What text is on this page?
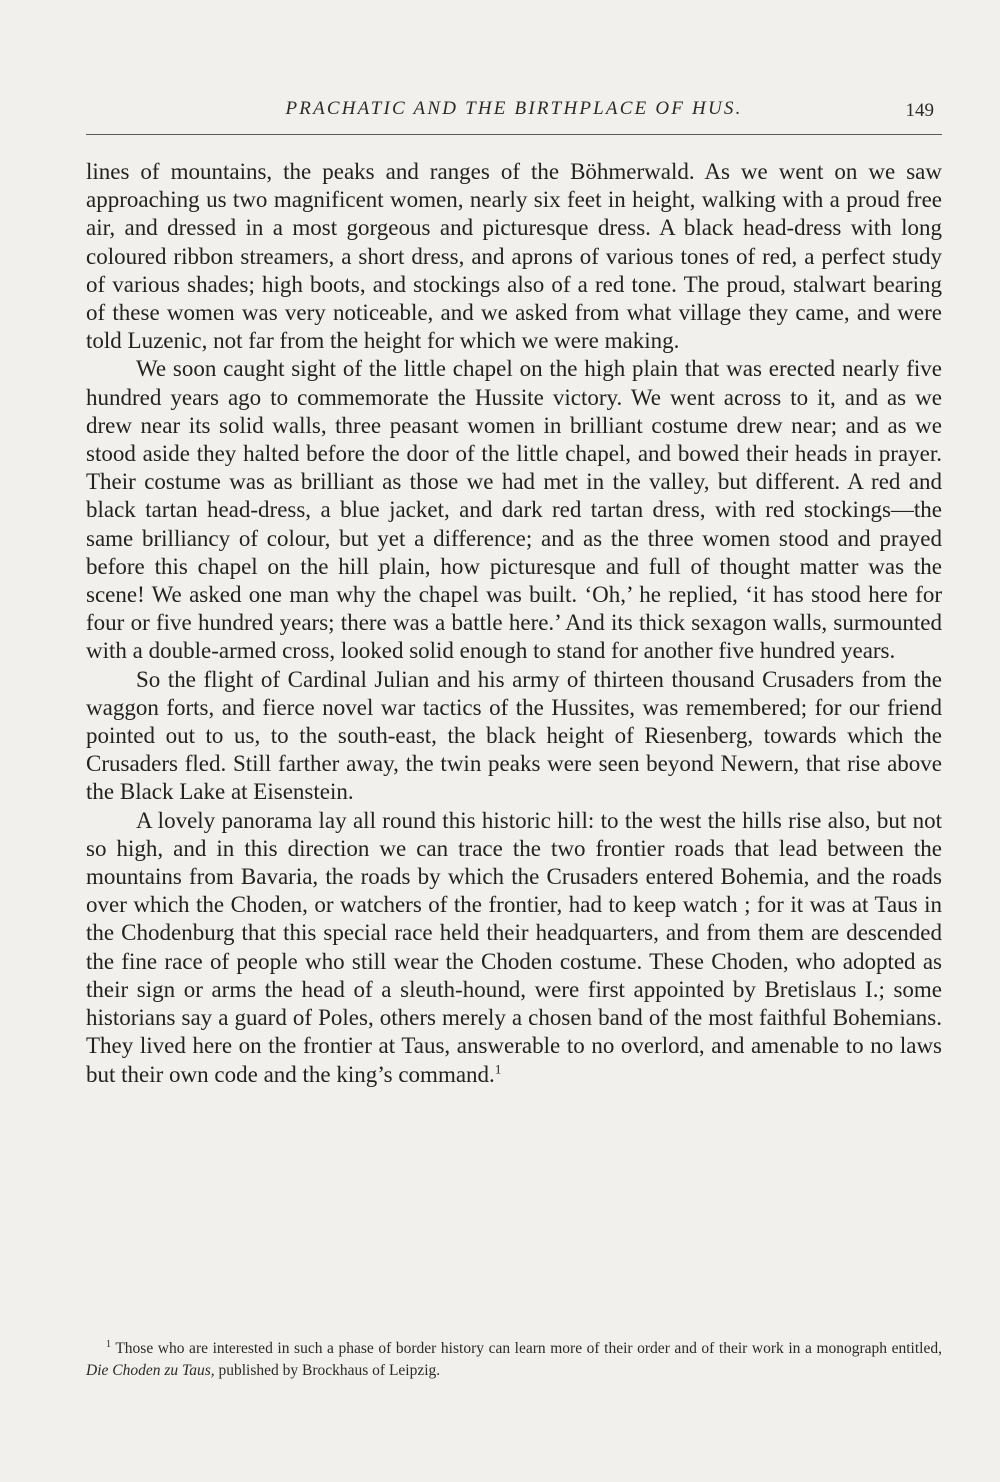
PRACHATIC AND THE BIRTHPLACE OF HUS.	149

lines of mountains, the peaks and ranges of the Böhmerwald. As we went on we saw approaching us two magnificent women, nearly six feet in height, walking with a proud free air, and dressed in a most gorgeous and picturesque dress. A black head-dress with long coloured ribbon streamers, a short dress, and aprons of various tones of red, a perfect study of various shades; high boots, and stockings also of a red tone. The proud, stalwart bearing of these women was very noticeable, and we asked from what village they came, and were told Luzenic, not far from the height for which we were making.

We soon caught sight of the little chapel on the high plain that was erected nearly five hundred years ago to commemorate the Hussite victory. We went across to it, and as we drew near its solid walls, three peasant women in brilliant costume drew near; and as we stood aside they halted before the door of the little chapel, and bowed their heads in prayer. Their costume was as brilliant as those we had met in the valley, but different. A red and black tartan head-dress, a blue jacket, and dark red tartan dress, with red stockings—the same brilliancy of colour, but yet a difference; and as the three women stood and prayed before this chapel on the hill plain, how picturesque and full of thought matter was the scene! We asked one man why the chapel was built. ‘Oh,’ he replied, ‘it has stood here for four or five hundred years; there was a battle here.’ And its thick sexagon walls, surmounted with a double-armed cross, looked solid enough to stand for another five hundred years.

So the flight of Cardinal Julian and his army of thirteen thousand Crusaders from the waggon forts, and fierce novel war tactics of the Hussites, was remembered; for our friend pointed out to us, to the south-east, the black height of Riesenberg, towards which the Crusaders fled. Still farther away, the twin peaks were seen beyond Newern, that rise above the Black Lake at Eisenstein.

A lovely panorama lay all round this historic hill: to the west the hills rise also, but not so high, and in this direction we can trace the two frontier roads that lead between the mountains from Bavaria, the roads by which the Crusaders entered Bohemia, and the roads over which the Choden, or watchers of the frontier, had to keep watch ; for it was at Taus in the Chodenburg that this special race held their headquarters, and from them are descended the fine race of people who still wear the Choden costume. These Choden, who adopted as their sign or arms the head of a sleuth-hound, were first appointed by Bretislaus I.; some historians say a guard of Poles, others merely a chosen band of the most faithful Bohemians. They lived here on the frontier at Taus, answerable to no overlord, and amenable to no laws but their own code and the king’s command.$^1$

$^1$ Those who are interested in such a phase of border history can learn more of their order and of their work in a monograph entitled, Die Choden zu Taus, published by Brockhaus of Leipzig.
